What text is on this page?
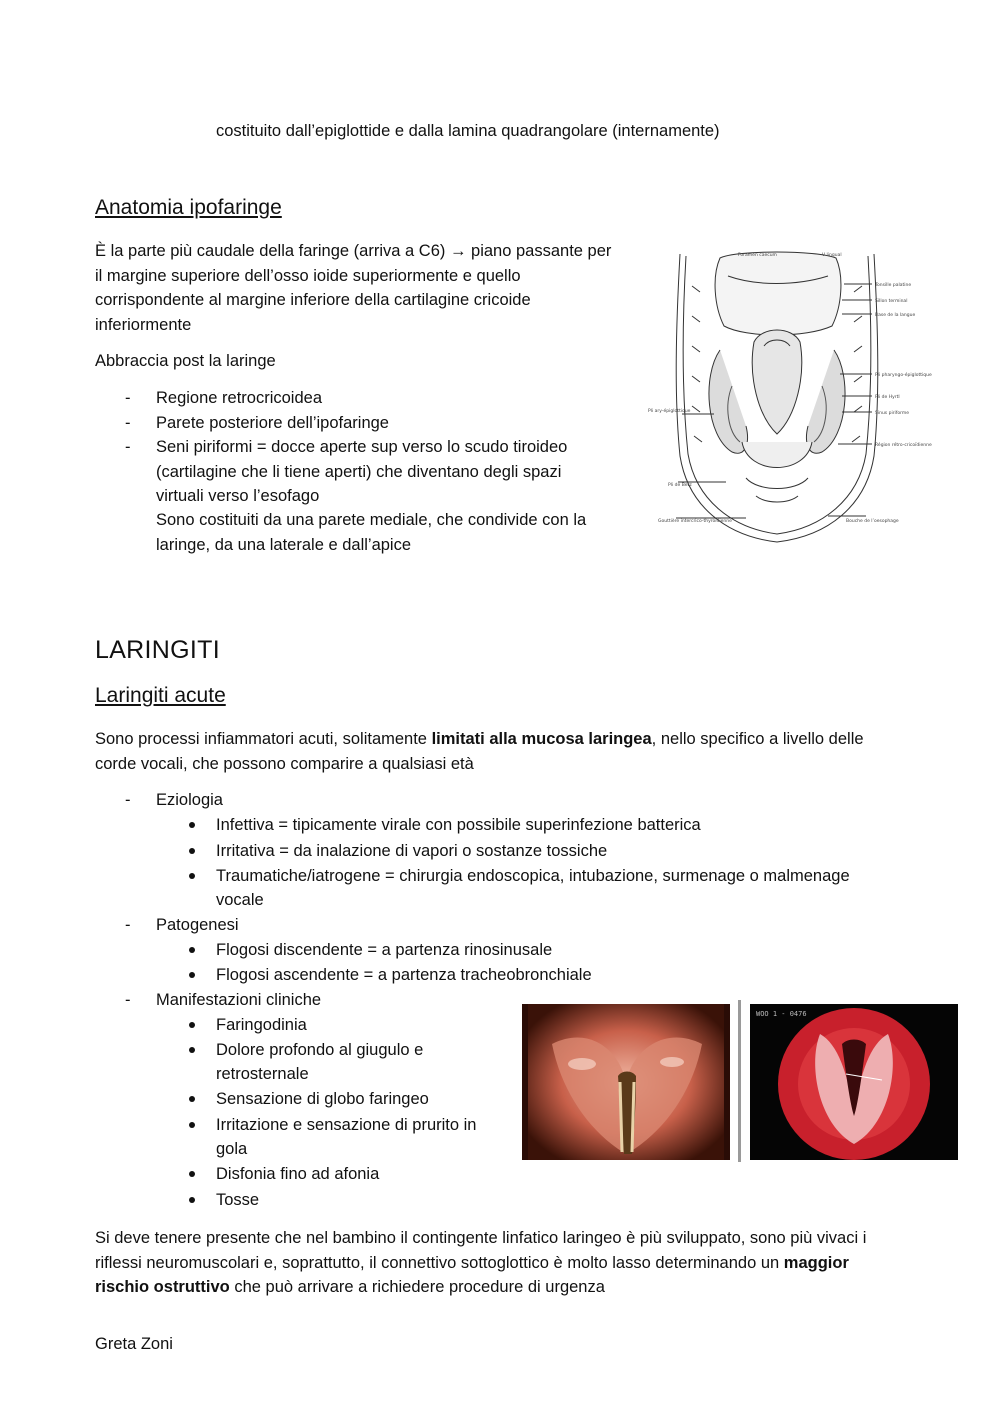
costituito dall’epiglottide e dalla lamina quadrangolare (internamente)
Anatomia ipofaringe
È la parte più caudale della faringe (arriva a C6) → piano passante per
il margine superiore dell’osso ioide superiormente e quello
corrispondente al margine inferiore della cartilagine cricoide
inferiormente
Abbraccia post la laringe
- Regione retrocricoidea
- Parete posteriore dell’ipofaringe
- Seni piriformi = docce aperte sup verso lo scudo tiroideo
(cartilagine che li tiene aperti) che diventano degli spazi
virtuali verso l’esofago
Sono costituiti da una parete mediale, che condivide con la
laringe, da una laterale e dall’apice
Foramen caecum	V lingual
Tonsille palatine
Sillon terminal
Base de la langue
Pli pharyngo-épiglottique
Pli de Hyrtl
Sinus piriforme
Pli ary-épiglottique
Région rétro-cricoïdienne
Pli de Betz
Gouttière intercrico-thyroïdienne	Bouche de l’oesophage
LARINGITI
Laringiti acute
Sono processi infiammatori acuti, solitamente limitati alla mucosa laringea, nello specifico a livello delle
corde vocali, che possono comparire a qualsiasi età
- Eziologia
Infettiva = tipicamente virale con possibile superinfezione batterica
Irritativa = da inalazione di vapori o sostanze tossiche
Traumatiche/iatrogene = chirurgia endoscopica, intubazione, surmenage o malmenage
vocale
- Patogenesi
Flogosi discendente = a partenza rinosinusale
Flogosi ascendente = a partenza tracheobronchiale
- Manifestazioni cliniche
Faringodinia
Dolore profondo al giugulo e
retrosternale
Sensazione di globo faringeo
Irritazione e sensazione di prurito in
gola
Disfonia fino ad afonia
Tosse
WOO 1 - 0476
Si deve tenere presente che nel bambino il contingente linfatico laringeo è più sviluppato, sono più vivaci i
riflessi neuromuscolari e, soprattutto, il connettivo sottoglottico è molto lasso determinando un maggior
rischio ostruttivo che può arrivare a richiedere procedure di urgenza
Greta Zoni
